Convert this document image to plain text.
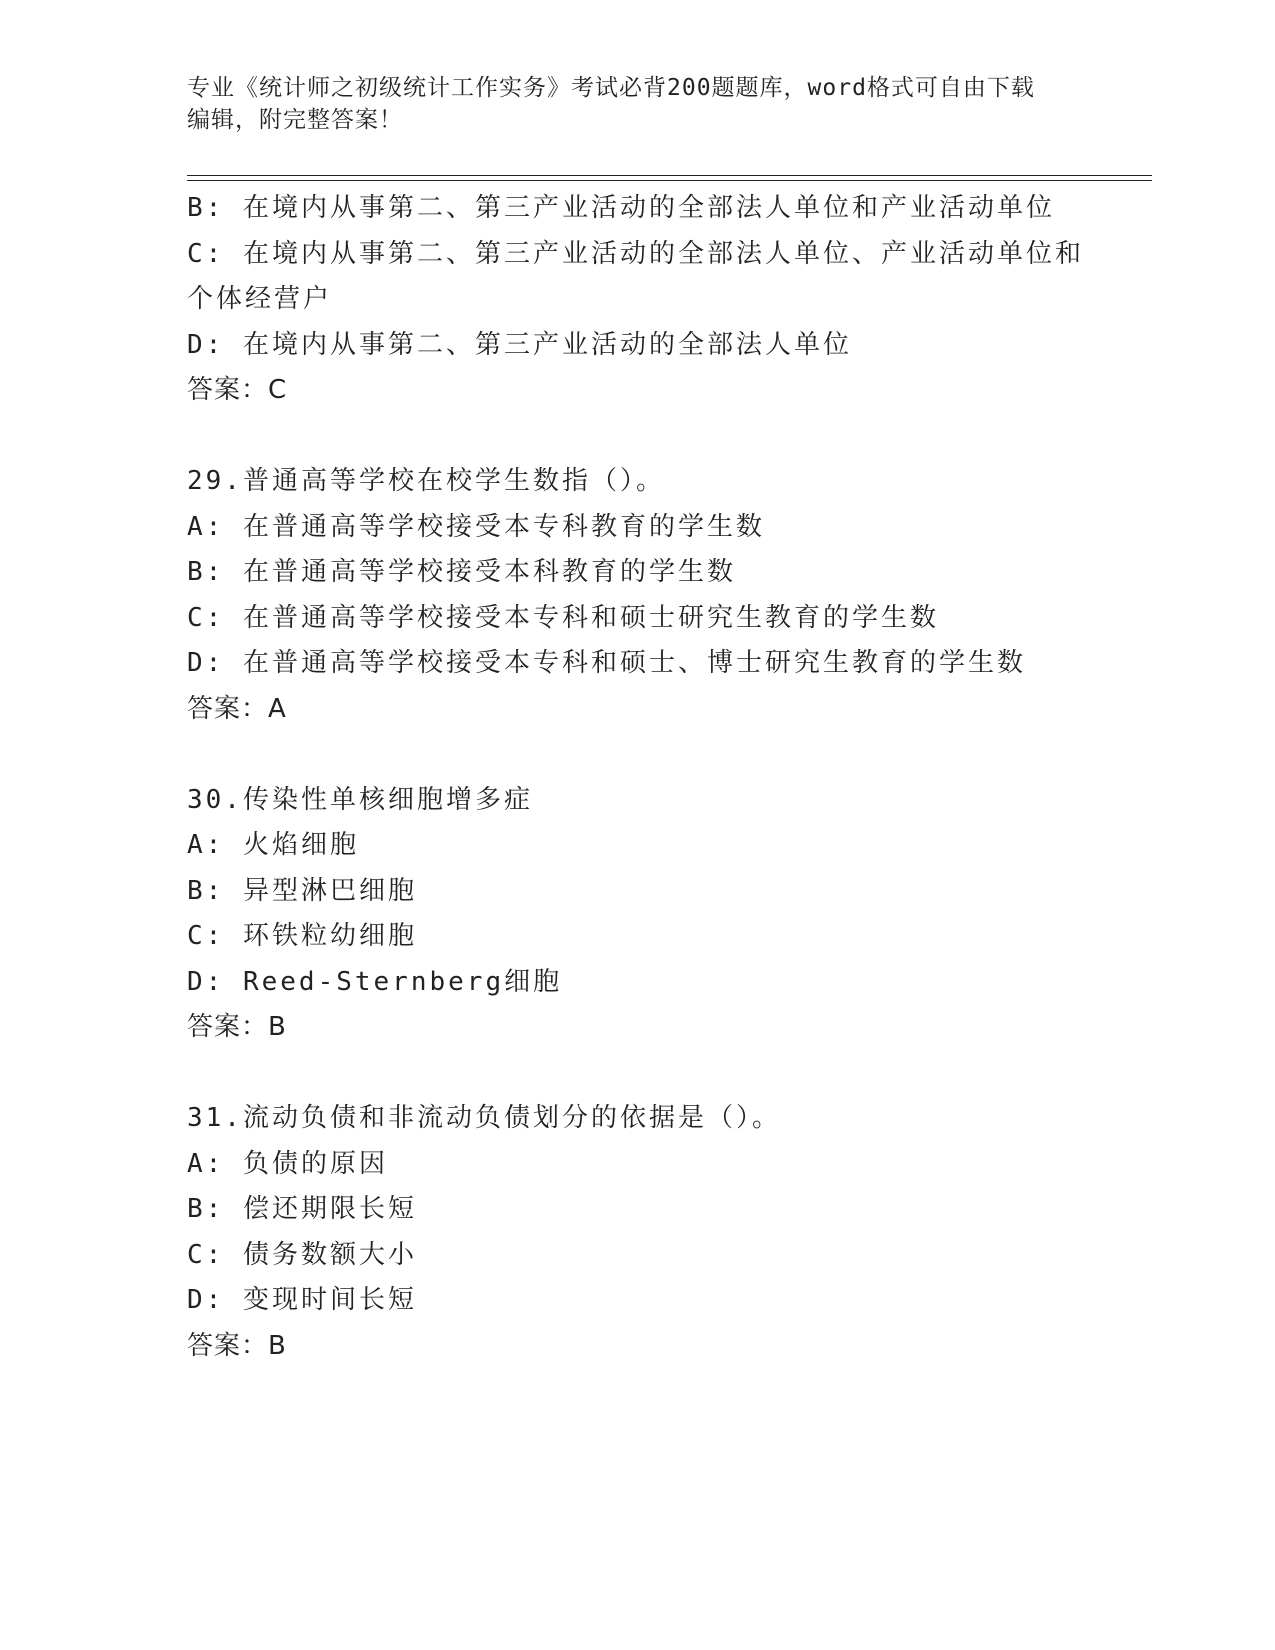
专业《统计师之初级统计工作实务》考试必背200题题库，word格式可自由下载
编辑，附完整答案！

B: 在境内从事第二、第三产业活动的全部法人单位和产业活动单位

C: 在境内从事第二、第三产业活动的全部法人单位、产业活动单位和

个体经营户

D: 在境内从事第二、第三产业活动的全部法人单位

答案：C

29.普通高等学校在校学生数指（）。

A: 在普通高等学校接受本专科教育的学生数

B: 在普通高等学校接受本科教育的学生数

C: 在普通高等学校接受本专科和硕士研究生教育的学生数

D: 在普通高等学校接受本专科和硕士、博士研究生教育的学生数

答案：A

30.传染性单核细胞增多症

A: 火焰细胞

B: 异型淋巴细胞

C: 环铁粒幼细胞

D: Reed-Sternberg细胞

答案：B

31.流动负债和非流动负债划分的依据是（）。

A: 负债的原因

B: 偿还期限长短

C: 债务数额大小

D: 变现时间长短

答案：B
